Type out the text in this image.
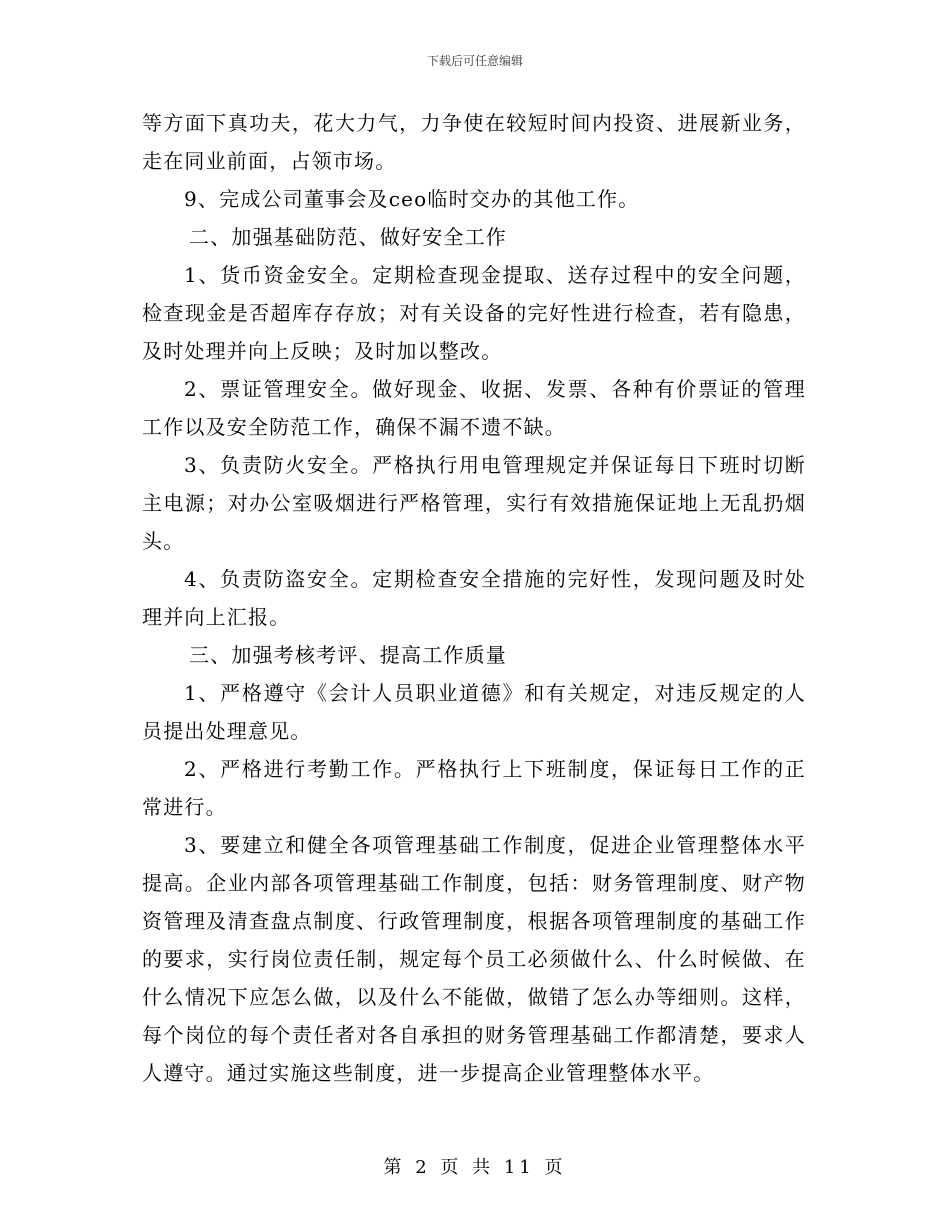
下载后可任意编辑

等方面下真功夫，花大力气，力争使在较短时间内投资、进展新业务，走在同业前面，占领市场。

9、完成公司董事会及ceo临时交办的其他工作。

二、加强基础防范、做好安全工作

1、货币资金安全。定期检查现金提取、送存过程中的安全问题，检查现金是否超库存存放；对有关设备的完好性进行检查，若有隐患，及时处理并向上反映；及时加以整改。

2、票证管理安全。做好现金、收据、发票、各种有价票证的管理工作以及安全防范工作，确保不漏不遗不缺。

3、负责防火安全。严格执行用电管理规定并保证每日下班时切断主电源；对办公室吸烟进行严格管理，实行有效措施保证地上无乱扔烟头。

4、负责防盗安全。定期检查安全措施的完好性，发现问题及时处理并向上汇报。

三、加强考核考评、提高工作质量

1、严格遵守《会计人员职业道德》和有关规定，对违反规定的人员提出处理意见。

2、严格进行考勤工作。严格执行上下班制度，保证每日工作的正常进行。

3、要建立和健全各项管理基础工作制度，促进企业管理整体水平提高。企业内部各项管理基础工作制度，包括：财务管理制度、财产物资管理及清查盘点制度、行政管理制度，根据各项管理制度的基础工作的要求，实行岗位责任制，规定每个员工必须做什么、什么时候做、在什么情况下应怎么做，以及什么不能做，做错了怎么办等细则。这样，每个岗位的每个责任者对各自承担的财务管理基础工作都清楚，要求人人遵守。通过实施这些制度，进一步提高企业管理整体水平。

第 2 页 共 11 页
